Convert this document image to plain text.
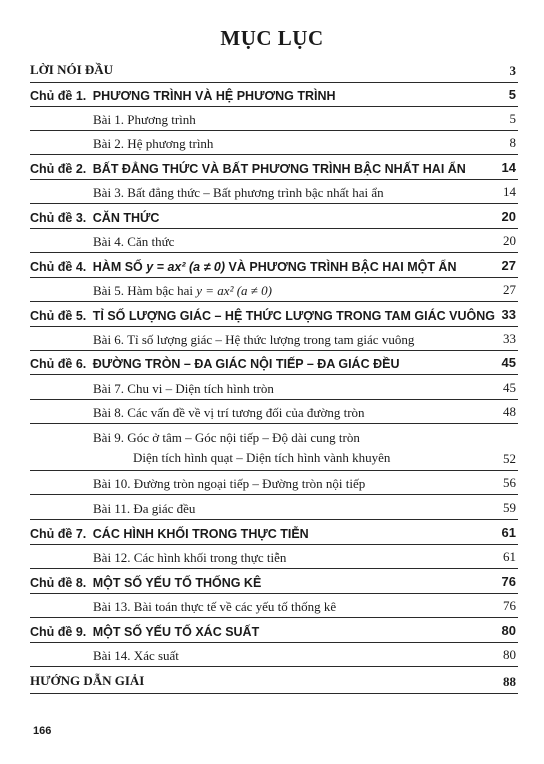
MỤC LỤC
LỜI NÓI ĐẦU	3
Chủ đề 1. PHƯƠNG TRÌNH VÀ HỆ PHƯƠNG TRÌNH	5
Bài 1. Phương trình	5
Bài 2. Hệ phương trình	8
Chủ đề 2. BẤT ĐẲNG THỨC VÀ BẤT PHƯƠNG TRÌNH BẬC NHẤT HAI ẨN	14
Bài 3. Bất đẳng thức – Bất phương trình bậc nhất hai ẩn	14
Chủ đề 3. CĂN THỨC	20
Bài 4. Căn thức	20
Chủ đề 4. HÀM SỐ y = ax² (a ≠ 0) VÀ PHƯƠNG TRÌNH BẬC HAI MỘT ẨN	27
Bài 5. Hàm bậc hai y = ax² (a ≠ 0)	27
Chủ đề 5. TỈ SỐ LƯỢNG GIÁC – HỆ THỨC LƯỢNG TRONG TAM GIÁC VUÔNG 33
Bài 6. Tỉ số lượng giác – Hệ thức lượng trong tam giác vuông	33
Chủ đề 6. ĐƯỜNG TRÒN – ĐA GIÁC NỘI TIẾP – ĐA GIÁC ĐỀU	45
Bài 7. Chu vi – Diện tích hình tròn	45
Bài 8. Các vấn đề về vị trí tương đối của đường tròn	48
Bài 9. Góc ở tâm – Góc nội tiếp – Độ dài cung tròn
Diện tích hình quạt – Diện tích hình vành khuyên	52
Bài 10. Đường tròn ngoại tiếp – Đường tròn nội tiếp	56
Bài 11. Đa giác đều	59
Chủ đề 7. CÁC HÌNH KHỐI TRONG THỰC TIỄN	61
Bài 12. Các hình khối trong thực tiễn	61
Chủ đề 8. MỘT SỐ YẾU TỐ THỐNG KÊ	76
Bài 13. Bài toán thực tế về các yếu tố thống kê	76
Chủ đề 9. MỘT SỐ YẾU TỐ XÁC SUẤT	80
Bài 14. Xác suất	80
HƯỚNG DẪN GIẢI	88
166
